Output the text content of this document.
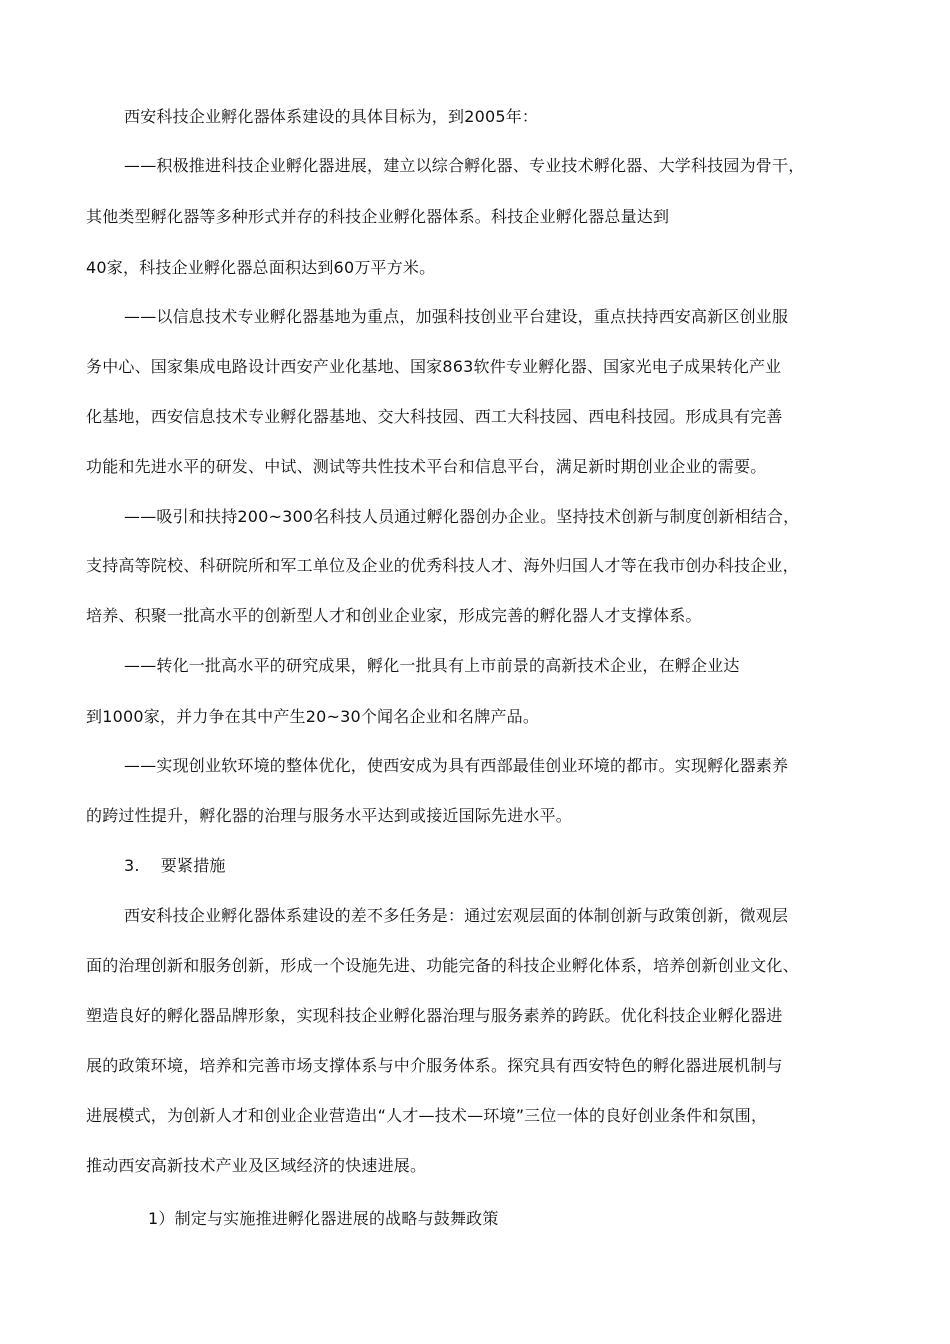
西安科技企业孵化器体系建设的具体目标为，到2005年：
——积极推进科技企业孵化器进展，建立以综合孵化器、专业技术孵化器、大学科技园为骨干，
其他类型孵化器等多种形式并存的科技企业孵化器体系。科技企业孵化器总量达到
40家，科技企业孵化器总面积达到60万平方米。
——以信息技术专业孵化器基地为重点，加强科技创业平台建设，重点扶持西安高新区创业服
务中心、国家集成电路设计西安产业化基地、国家863软件专业孵化器、国家光电子成果转化产业
化基地，西安信息技术专业孵化器基地、交大科技园、西工大科技园、西电科技园。形成具有完善
功能和先进水平的研发、中试、测试等共性技术平台和信息平台，满足新时期创业企业的需要。
——吸引和扶持200~300名科技人员通过孵化器创办企业。坚持技术创新与制度创新相结合，
支持高等院校、科研院所和军工单位及企业的优秀科技人才、海外归国人才等在我市创办科技企业，
培养、积聚一批高水平的创新型人才和创业企业家，形成完善的孵化器人才支撑体系。
——转化一批高水平的研究成果，孵化一批具有上市前景的高新技术企业，在孵企业达
到1000家，并力争在其中产生20~30个闻名企业和名牌产品。
——实现创业软环境的整体优化，使西安成为具有西部最佳创业环境的都市。实现孵化器素养
的跨过性提升，孵化器的治理与服务水平达到或接近国际先进水平。
3.    要紧措施
西安科技企业孵化器体系建设的差不多任务是：通过宏观层面的体制创新与政策创新，微观层
面的治理创新和服务创新，形成一个设施先进、功能完备的科技企业孵化体系，培养创新创业文化、
塑造良好的孵化器品牌形象，实现科技企业孵化器治理与服务素养的跨跃。优化科技企业孵化器进
展的政策环境，培养和完善市场支撑体系与中介服务体系。探究具有西安特色的孵化器进展机制与
进展模式，为创新人才和创业企业营造出“人才—技术—环境”三位一体的良好创业条件和氛围，
推动西安高新技术产业及区域经济的快速进展。
1）制定与实施推进孵化器进展的战略与鼓舞政策
